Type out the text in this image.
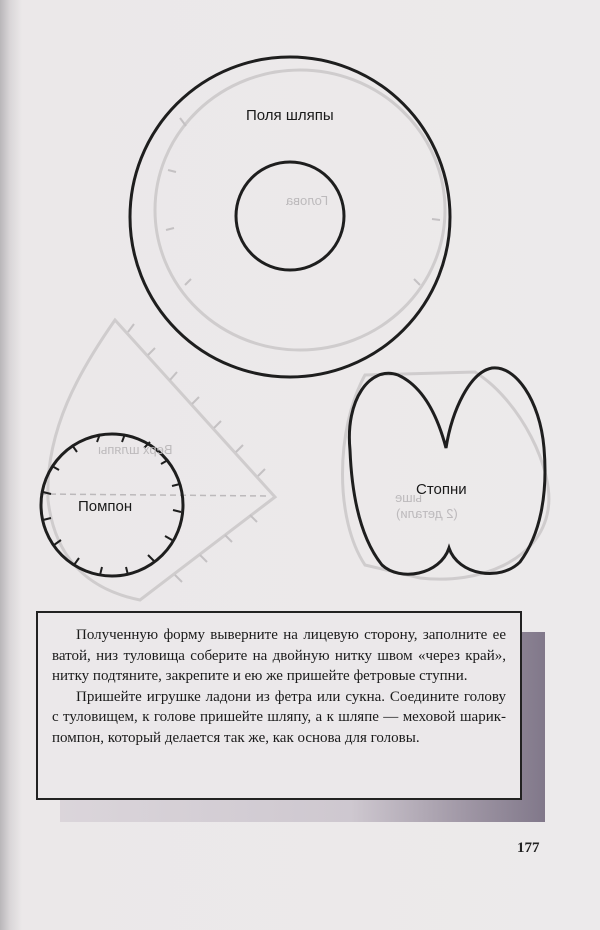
Поля шляпы
Голова
Верх шляпы
Стопни
ыше
(2 детали)
Помпон

Полученную форму выверните на лицевую сторону, заполните ее ватой, низ туловища соберите на двойную нитку швом «через край», нитку подтяните, закрепите и ею же пришейте фетровые ступни.

Пришейте игрушке ладони из фетра или сукна. Соедините голову с туловищем, к голове пришейте шляпу, а к шляпе — меховой шарик-помпон, который делается так же, как основа для головы.

177
